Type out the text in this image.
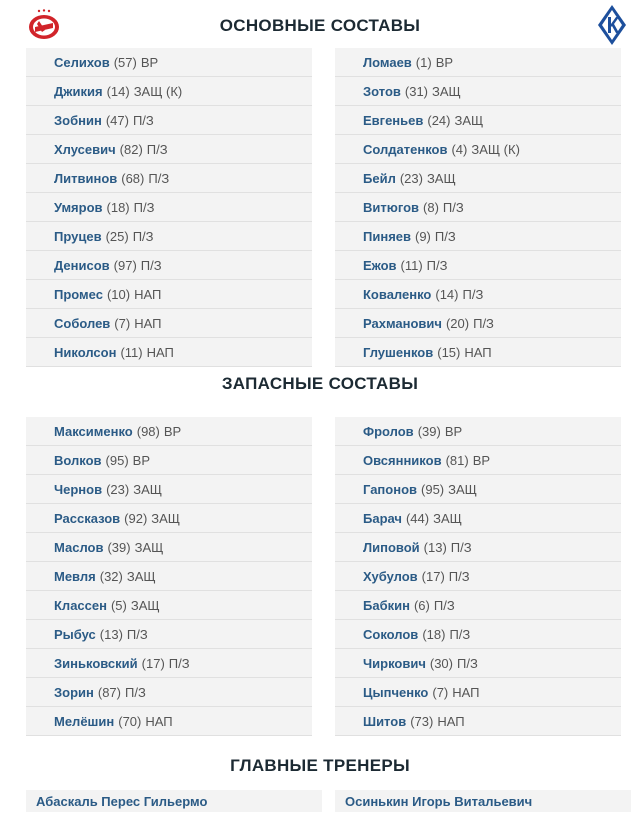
ОСНОВНЫЕ СОСТАВЫ
Селихов (57) ВР
Джикия (14) ЗАЩ (К)
Зобнин (47) П/З
Хлусевич (82) П/З
Литвинов (68) П/З
Умяров (18) П/З
Пруцев (25) П/З
Денисов (97) П/З
Промес (10) НАП
Соболев (7) НАП
Николсон (11) НАП
Ломаев (1) ВР
Зотов (31) ЗАЩ
Евгеньев (24) ЗАЩ
Солдатенков (4) ЗАЩ (К)
Бейл (23) ЗАЩ
Витюгов (8) П/З
Пиняев (9) П/З
Ежов (11) П/З
Коваленко (14) П/З
Рахманович (20) П/З
Глушенков (15) НАП
ЗАПАСНЫЕ СОСТАВЫ
Максименко (98) ВР
Волков (95) ВР
Чернов (23) ЗАЩ
Рассказов (92) ЗАЩ
Маслов (39) ЗАЩ
Мевля (32) ЗАЩ
Классен (5) ЗАЩ
Рыбус (13) П/З
Зиньковский (17) П/З
Зорин (87) П/З
Мелёшин (70) НАП
Фролов (39) ВР
Овсянников (81) ВР
Гапонов (95) ЗАЩ
Барач (44) ЗАЩ
Липовой (13) П/З
Хубулов (17) П/З
Бабкин (6) П/З
Соколов (18) П/З
Чиркович (30) П/З
Цыпченко (7) НАП
Шитов (73) НАП
ГЛАВНЫЕ ТРЕНЕРЫ
Абаскаль Перес Гильермо	Осинькин Игорь Витальевич
